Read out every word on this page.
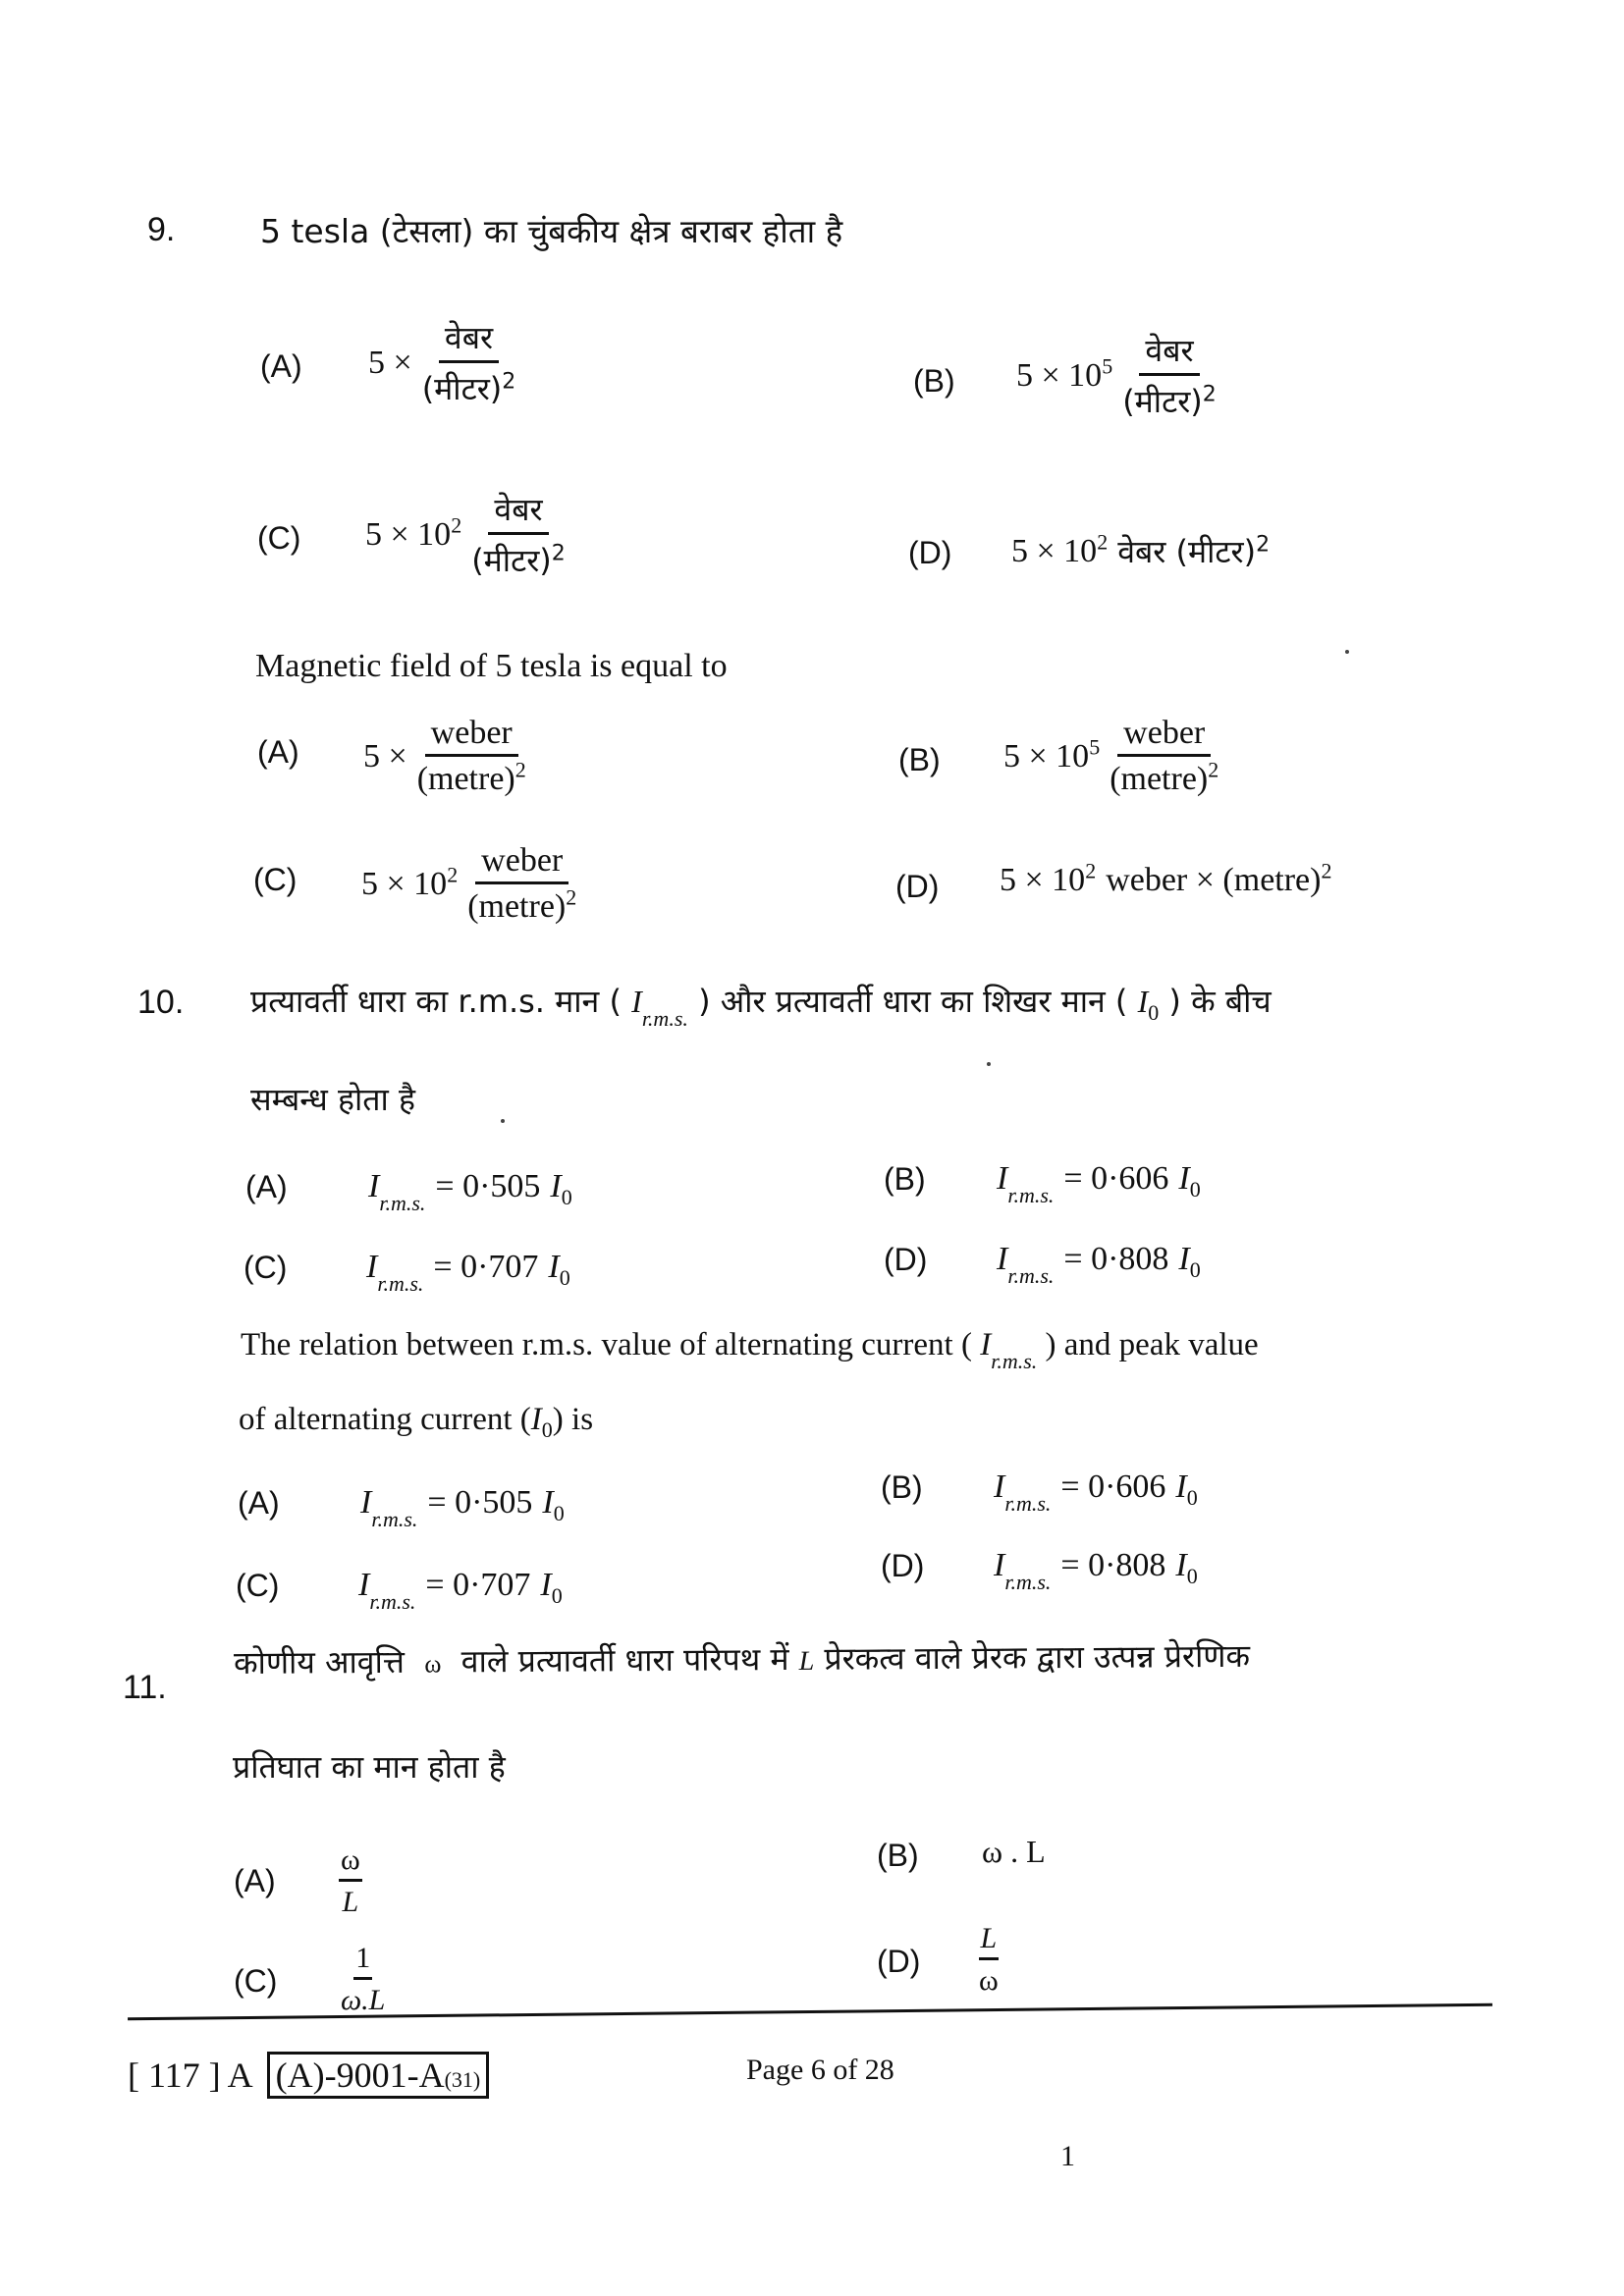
9.	5 tesla (टेसला) का चुंबकीय क्षेत्र बराबर होता है
(A) $5 \times \frac{\text{वेबर}}{(मीटर)^2}$	(B) $5 \times 10^5 \frac{\text{वेबर}}{(मीटर)^2}$
(C) $5 \times 10^2 \frac{\text{वेबर}}{(मीटर)^2}$	(D) $5 \times 10^2$ वेबर (मीटर)$^2$
Magnetic field of 5 tesla is equal to
(A) $5 \times \frac{\text{weber}}{(metre)^2}$	(B) $5 \times 10^5 \frac{\text{weber}}{(metre)^2}$
(C) $5 \times 10^2 \frac{\text{weber}}{(metre)^2}$	(D) $5 \times 10^2$ weber × (metre)$^2$
10. प्रत्यावर्ती धारा का r.m.s. मान ( $I_{r.m.s.}$ ) और प्रत्यावर्ती धारा का शिखर मान ( $I_0$ ) के बीच
सम्बन्ध होता है
(A)	$I_{r.m.s.} = 0\cdot 505$ $I_0$
(B)	$I_{r.m.s.} = 0\cdot 606$ $I_0$
(C)	$I_{r.m.s.} = 0\cdot 707$ $I_0$
(D)	$I_{r.m.s.} = 0\cdot 808$ $I_0$
The relation between r.m.s. value of alternating current ( $I_{r.m.s.}$ ) and peak value
of alternating current $(I_0)$ is
(A)	$I_{r.m.s.} = 0\cdot 505$ $I_0$
(B)	$I_{r.m.s.} = 0\cdot 606$ $I_0$
(C)	$I_{r.m.s.} = 0\cdot 707$ $I_0$
(D)	$I_{r.m.s.} = 0\cdot 808$ $I_0$
11.
कोणीय आवृत्ति ω वाले प्रत्यावर्ती धारा परिपथ में L प्रेरकत्व वाले प्रेरक द्वारा उत्पन्न प्रेरणिक
प्रतिघात का मान होता है
$(A) \frac{\omega}{L}$	(B) ω . L
$(C) \frac{1}{\omega.L}$	$(D) \frac{L}{\omega}$
[ 117 ] A (A)-9001-A(31)	Page 6 of 28
1
